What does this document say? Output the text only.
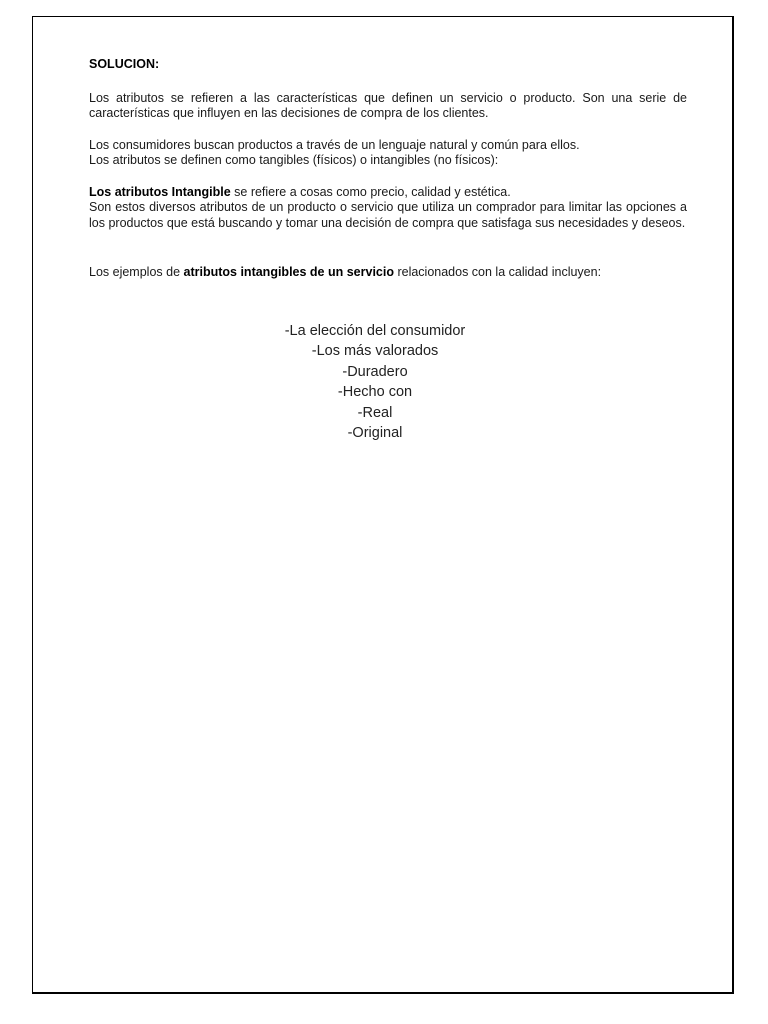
SOLUCION:

Los atributos se refieren a las características que definen un servicio o producto. Son una serie de características que influyen en las decisiones de compra de los clientes.

Los consumidores buscan productos a través de un lenguaje natural y común para ellos.
Los atributos se definen como tangibles (físicos) o intangibles (no físicos):

Los atributos Intangible se refiere a cosas como precio, calidad y estética.
Son estos diversos atributos de un producto o servicio que utiliza un comprador para limitar las opciones a los productos que está buscando y tomar una decisión de compra que satisfaga sus necesidades y deseos.

Los ejemplos de atributos intangibles de un servicio relacionados con la calidad incluyen:

-La elección del consumidor
-Los más valorados
-Duradero
-Hecho con
-Real
-Original
